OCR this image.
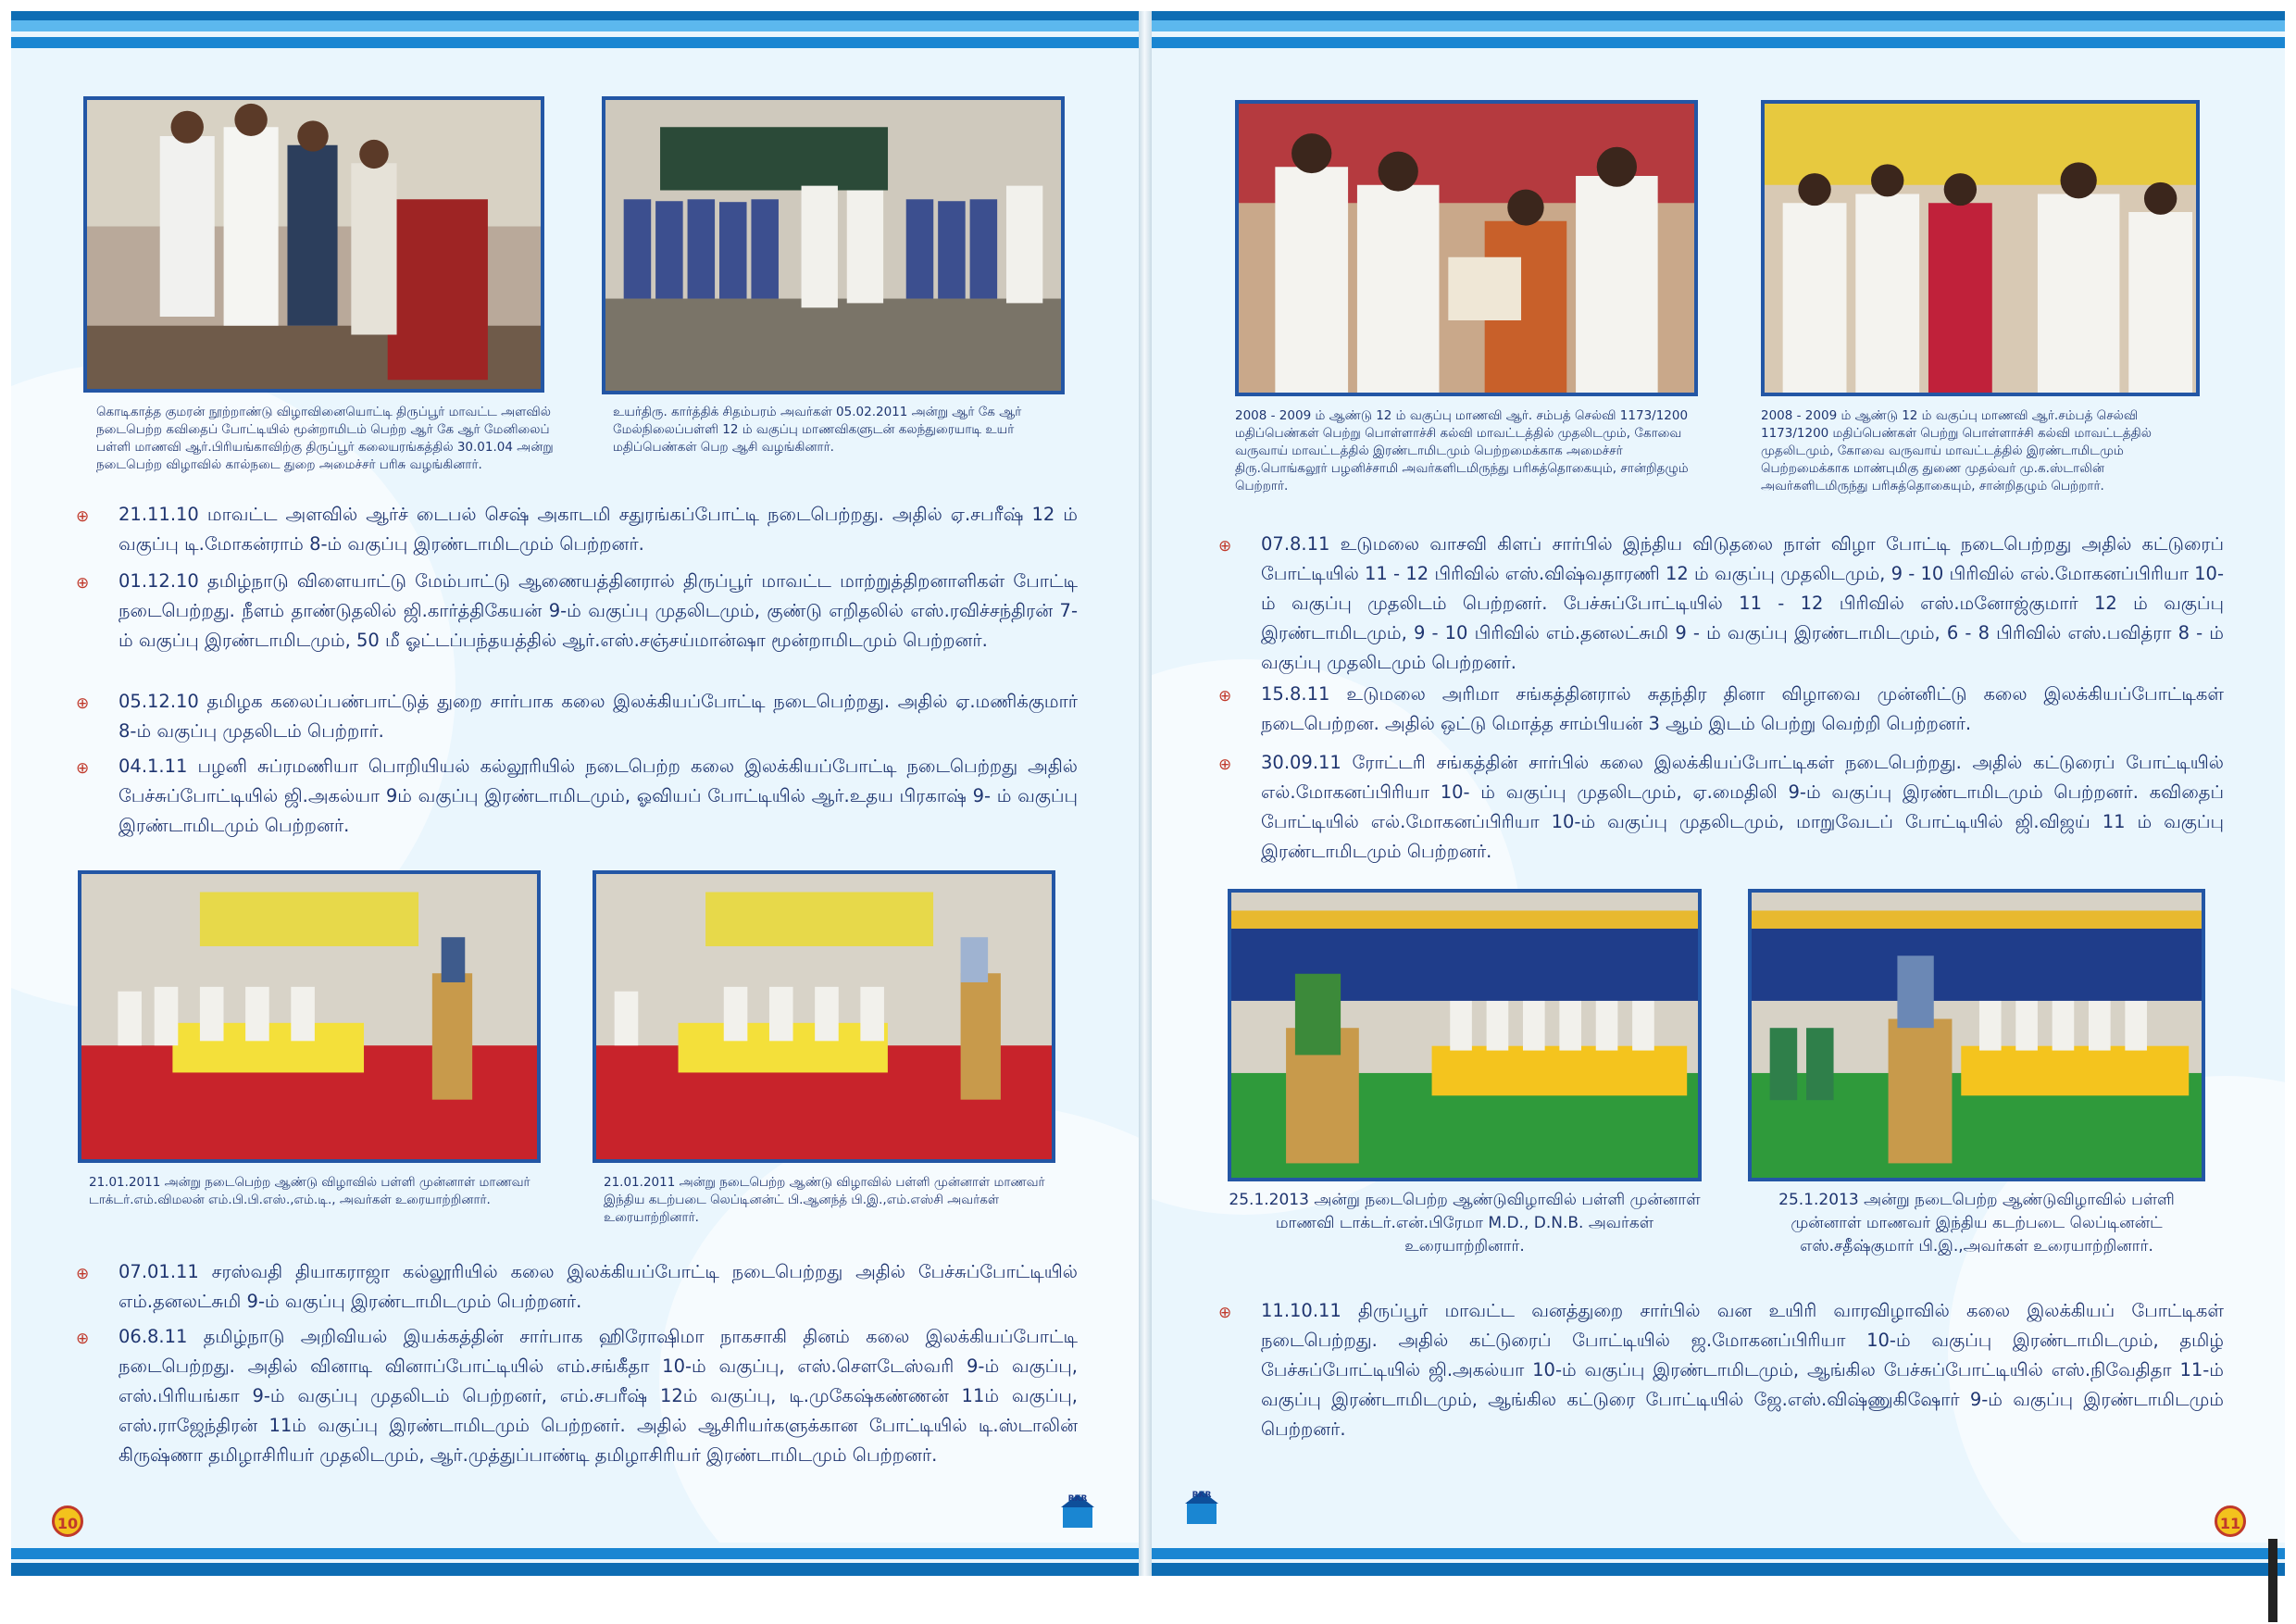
கொடிகாத்த குமரன் நூற்றாண்டு விழாவினையொட்டி திருப்பூர் மாவட்ட அளவில் நடைபெற்ற கவிதைப் போட்டியில் மூன்றாமிடம் பெற்ற ஆர் கே ஆர் மேனிலைப் பள்ளி மாணவி ஆர்.பிரியங்காவிற்கு திருப்பூர் கலையரங்கத்தில் 30.01.04 அன்று நடைபெற்ற விழாவில் கால்நடை துறை அமைச்சர் பரிசு வழங்கினார்.
உயர்திரு. கார்த்திக் சிதம்பரம் அவர்கள் 05.02.2011 அன்று ஆர் கே ஆர் மேல்நிலைப்பள்ளி 12 ம் வகுப்பு மாணவிகளுடன் கலந்துரையாடி உயர் மதிப்பெண்கள் பெற ஆசி வழங்கினார்.
⊕ 21.11.10 மாவட்ட அளவில் ஆர்ச் டைபல் செஷ் அகாடமி சதுரங்கப்போட்டி நடைபெற்றது. அதில் ஏ.சபரீஷ் 12 ம் வகுப்பு டி.மோகன்ராம் 8-ம் வகுப்பு இரண்டாமிடமும் பெற்றனர்.
⊕ 01.12.10 தமிழ்நாடு விளையாட்டு மேம்பாட்டு ஆணையத்தினரால் திருப்பூர் மாவட்ட மாற்றுத்திறனாளிகள் போட்டி நடைபெற்றது. நீளம் தாண்டுதலில் ஜி.கார்த்திகேயன் 9-ம் வகுப்பு முதலிடமும், குண்டு எறிதலில் எஸ்.ரவிச்சந்திரன் 7-ம் வகுப்பு இரண்டாமிடமும், 50 மீ ஓட்டப்பந்தயத்தில் ஆர்.எஸ்.சஞ்சய்மான்ஷா மூன்றாமிடமும் பெற்றனர்.
⊕ 05.12.10 தமிழக கலைப்பண்பாட்டுத் துறை சார்பாக கலை இலக்கியப்போட்டி நடைபெற்றது. அதில் ஏ.மணிக்குமார் 8-ம் வகுப்பு முதலிடம் பெற்றார்.
⊕ 04.1.11 பழனி சுப்ரமணியா பொறியியல் கல்லூரியில் நடைபெற்ற கலை இலக்கியப்போட்டி நடைபெற்றது அதில் பேச்சுப்போட்டியில் ஜி.அகல்யா 9ம் வகுப்பு இரண்டாமிடமும், ஓவியப் போட்டியில் ஆர்.உதய பிரகாஷ் 9- ம் வகுப்பு இரண்டாமிடமும் பெற்றனர்.
21.01.2011 அன்று நடைபெற்ற ஆண்டு விழாவில் பள்ளி முன்னாள் மாணவர் டாக்டர்.எம்.விமலன் எம்.பி.பி.எஸ்.,எம்.டி., அவர்கள் உரையாற்றினார்.
21.01.2011 அன்று நடைபெற்ற ஆண்டு விழாவில் பள்ளி முன்னாள் மாணவர் இந்திய கடற்படை லெப்டினன்ட் பி.ஆனந்த் பி.இ.,எம்.எஸ்சி அவர்கள் உரையாற்றினார்.
⊕ 07.01.11 சரஸ்வதி தியாகராஜா கல்லூரியில் கலை இலக்கியப்போட்டி நடைபெற்றது அதில் பேச்சுப்போட்டியில் எம்.தனலட்சுமி 9-ம் வகுப்பு இரண்டாமிடமும் பெற்றனர்.
⊕ 06.8.11 தமிழ்நாடு அறிவியல் இயக்கத்தின் சார்பாக ஹிரோஷிமா நாகசாகி தினம் கலை இலக்கியப்போட்டி நடைபெற்றது. அதில் வினாடி வினாப்போட்டியில் எம்.சங்கீதா 10-ம் வகுப்பு, எஸ்.சௌடேஸ்வரி 9-ம் வகுப்பு, எஸ்.பிரியங்கா 9-ம் வகுப்பு முதலிடம் பெற்றனர், எம்.சபரீஷ் 12ம் வகுப்பு, டி.முகேஷ்கண்ணன் 11ம் வகுப்பு, எஸ்.ராஜேந்திரன் 11ம் வகுப்பு இரண்டாமிடமும் பெற்றனர். அதில் ஆசிரியர்களுக்கான போட்டியில் டி.ஸ்டாலின் கிருஷ்ணா தமிழாசிரியர் முதலிடமும், ஆர்.முத்துப்பாண்டி தமிழாசிரியர் இரண்டாமிடமும் பெற்றனர்.
10
RKR
2008 - 2009 ம் ஆண்டு 12 ம் வகுப்பு மாணவி ஆர். சம்பத் செல்வி 1173/1200 மதிப்பெண்கள் பெற்று பொள்ளாச்சி கல்வி மாவட்டத்தில் முதலிடமும், கோவை வருவாய் மாவட்டத்தில் இரண்டாமிடமும் பெற்றமைக்காக அமைச்சர் திரு.பொங்கலூர் பழனிச்சாமி அவர்களிடமிருந்து பரிசுத்தொகையும், சான்றிதழும் பெற்றார்.
2008 - 2009 ம் ஆண்டு 12 ம் வகுப்பு மாணவி ஆர்.சம்பத் செல்வி 1173/1200 மதிப்பெண்கள் பெற்று பொள்ளாச்சி கல்வி மாவட்டத்தில் முதலிடமும், கோவை வருவாய் மாவட்டத்தில் இரண்டாமிடமும் பெற்றமைக்காக மாண்புமிகு துணை முதல்வர் மு.க.ஸ்டாலின் அவர்களிடமிருந்து பரிசுத்தொகையும், சான்றிதழும் பெற்றார்.
⊕ 07.8.11 உடுமலை வாசவி கிளப் சார்பில் இந்திய விடுதலை நாள் விழா போட்டி நடைபெற்றது அதில் கட்டுரைப் போட்டியில் 11 - 12 பிரிவில் எஸ்.விஷ்வதாரணி 12 ம் வகுப்பு முதலிடமும், 9 - 10 பிரிவில் எல்.மோகனப்பிரியா 10-ம் வகுப்பு முதலிடம் பெற்றனர். பேச்சுப்போட்டியில் 11 - 12 பிரிவில் எஸ்.மனோஜ்குமார் 12 ம் வகுப்பு இரண்டாமிடமும், 9 - 10 பிரிவில் எம்.தனலட்சுமி 9 - ம் வகுப்பு இரண்டாமிடமும், 6 - 8 பிரிவில் எஸ்.பவித்ரா 8 - ம் வகுப்பு முதலிடமும் பெற்றனர்.
⊕ 15.8.11 உடுமலை அரிமா சங்கத்தினரால் சுதந்திர தினா விழாவை முன்னிட்டு கலை இலக்கியப்போட்டிகள் நடைபெற்றன. அதில் ஒட்டு மொத்த சாம்பியன் 3 ஆம் இடம் பெற்று வெற்றி பெற்றனர்.
⊕ 30.09.11 ரோட்டரி சங்கத்தின் சார்பில் கலை இலக்கியப்போட்டிகள் நடைபெற்றது. அதில் கட்டுரைப் போட்டியில் எல்.மோகனப்பிரியா 10- ம் வகுப்பு முதலிடமும், ஏ.மைதிலி 9-ம் வகுப்பு இரண்டாமிடமும் பெற்றனர். கவிதைப் போட்டியில் எல்.மோகனப்பிரியா 10-ம் வகுப்பு முதலிடமும், மாறுவேடப் போட்டியில் ஜி.விஜய் 11 ம் வகுப்பு இரண்டாமிடமும் பெற்றனர்.
25.1.2013 அன்று நடைபெற்ற ஆண்டுவிழாவில் பள்ளி முன்னாள் மாணவி டாக்டர்.என்.பிரேமா M.D., D.N.B. அவர்கள் உரையாற்றினார்.
25.1.2013 அன்று நடைபெற்ற ஆண்டுவிழாவில் பள்ளி முன்னாள் மாணவர் இந்திய கடற்படை லெப்டினன்ட் எஸ்.சதீஷ்குமார் பி.இ.,அவர்கள் உரையாற்றினார்.
⊕ 11.10.11 திருப்பூர் மாவட்ட வனத்துறை சார்பில் வன உயிரி வாரவிழாவில் கலை இலக்கியப் போட்டிகள் நடைபெற்றது. அதில் கட்டுரைப் போட்டியில் ஜ.மோகனப்பிரியா 10-ம் வகுப்பு இரண்டாமிடமும், தமிழ் பேச்சுப்போட்டியில் ஜி.அகல்யா 10-ம் வகுப்பு இரண்டாமிடமும், ஆங்கில பேச்சுப்போட்டியில் எஸ்.நிவேதிதா 11-ம் வகுப்பு இரண்டாமிடமும், ஆங்கில கட்டுரை போட்டியில் ஜே.எஸ்.விஷ்ணுகிஷோர் 9-ம் வகுப்பு இரண்டாமிடமும் பெற்றனர்.
RKR
11
